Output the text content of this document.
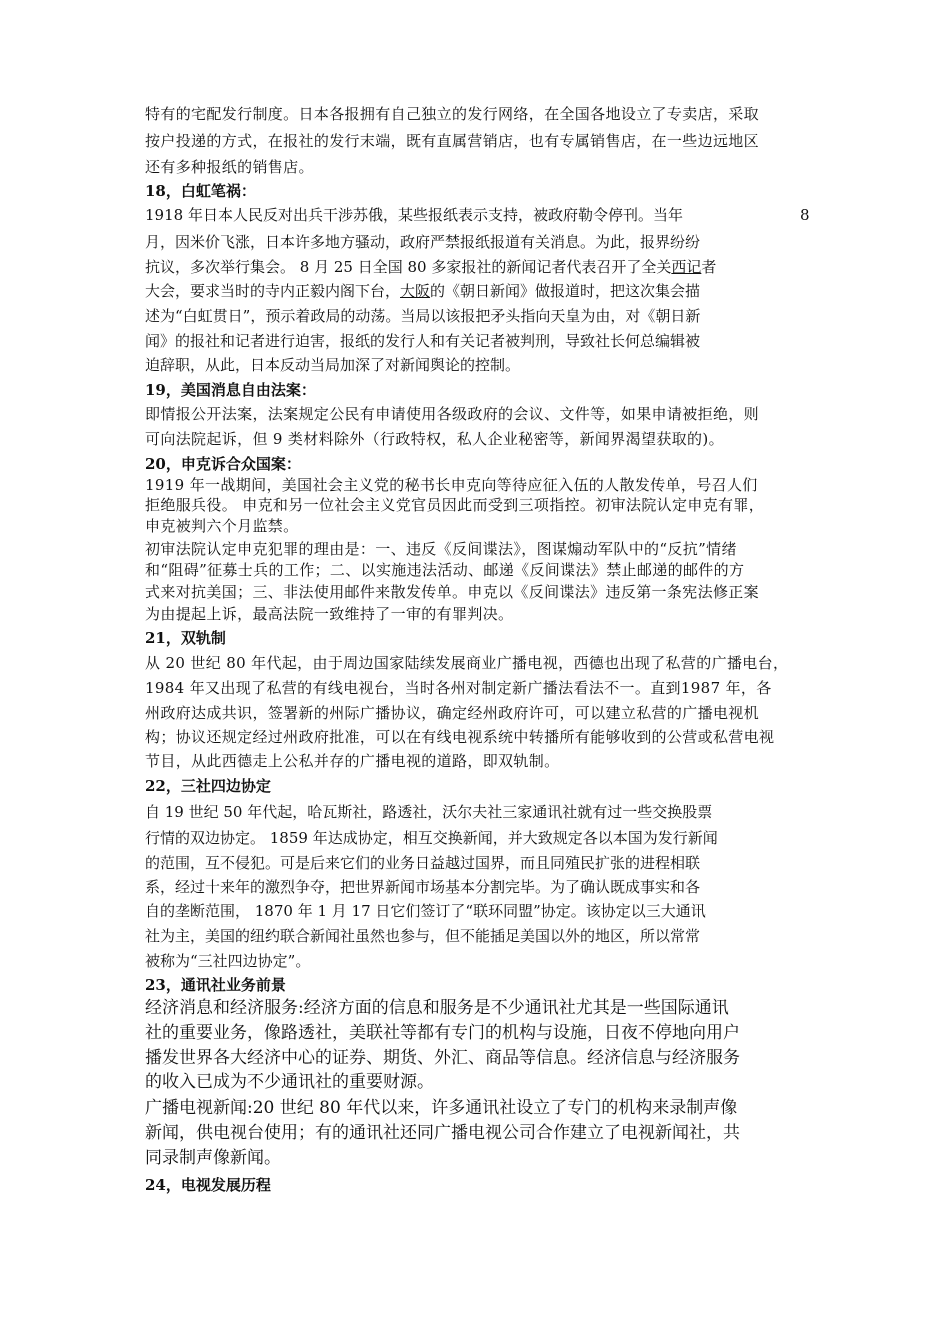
特有的宅配发行制度。日本各报拥有自己独立的发行网络，在全国各地设立了专卖店，采取
按户投递的方式，在报社的发行末端，既有直属营销店，也有专属销售店，在一些边远地区
还有多种报纸的销售店。
18，白虹笔祸：
1918 年日本人民反对出兵干涉苏俄，某些报纸表示支持，被政府勒令停刊。当年	8
月，因米价飞涨，日本许多地方骚动，政府严禁报纸报道有关消息。为此，报界纷纷
抗议，多次举行集会。 8 月 25 日全国 80 多家报社的新闻记者代表召开了全关西记者
大会，要求当时的寺内正毅内阁下台，大阪的《朝日新闻》做报道时，把这次集会描
述为“白虹贯日”，预示着政局的动荡。当局以该报把矛头指向天皇为由，对《朝日新
闻》的报社和记者进行迫害，报纸的发行人和有关记者被判刑，导致社长何总编辑被
迫辞职，从此，日本反动当局加深了对新闻舆论的控制。
19，美国消息自由法案：
即情报公开法案，法案规定公民有申请使用各级政府的会议、文件等，如果申请被拒绝，则
可向法院起诉，但 9 类材料除外（行政特权，私人企业秘密等，新闻界渴望获取的)。
20，申克诉合众国案：
1919 年一战期间，美国社会主义党的秘书长申克向等待应征入伍的人散发传单，号召人们
拒绝服兵役。 申克和另一位社会主义党官员因此而受到三项指控。初审法院认定申克有罪，
申克被判六个月监禁。
初审法院认定申克犯罪的理由是：一、违反《反间谍法》，图谋煽动军队中的“反抗”情绪
和“阻碍”征募士兵的工作；二、以实施违法活动、邮递《反间谍法》禁止邮递的邮件的方
式来对抗美国；三、非法使用邮件来散发传单。申克以《反间谍法》违反第一条宪法修正案
为由提起上诉，最高法院一致维持了一审的有罪判决。
21，双轨制
从 20 世纪 80 年代起，由于周边国家陆续发展商业广播电视，西德也出现了私营的广播电台，
1984 年又出现了私营的有线电视台，当时各州对制定新广播法看法不一。直到1987 年，各
州政府达成共识，签署新的州际广播协议，确定经州政府许可，可以建立私营的广播电视机
构；协议还规定经过州政府批准，可以在有线电视系统中转播所有能够收到的公营或私营电视
节目，从此西德走上公私并存的广播电视的道路，即双轨制。
22，三社四边协定
自 19 世纪 50 年代起，哈瓦斯社，路透社，沃尔夫社三家通讯社就有过一些交换股票
行情的双边协定。 1859 年达成协定，相互交换新闻，并大致规定各以本国为发行新闻
的范围，互不侵犯。可是后来它们的业务日益越过国界，而且同殖民扩张的进程相联
系，经过十来年的激烈争夺，把世界新闻市场基本分割完毕。为了确认既成事实和各
自的垄断范围， 1870 年 1 月 17 日它们签订了“联环同盟”协定。该协定以三大通讯
社为主，美国的纽约联合新闻社虽然也参与，但不能插足美国以外的地区，所以常常
被称为“三社四边协定”。
23，通讯社业务前景
经济消息和经济服务:经济方面的信息和服务是不少通讯社尤其是一些国际通讯
社的重要业务，像路透社，美联社等都有专门的机构与设施，日夜不停地向用户
播发世界各大经济中心的证券、期货、外汇、商品等信息。经济信息与经济服务
的收入已成为不少通讯社的重要财源。
广播电视新闻:20 世纪 80 年代以来，许多通讯社设立了专门的机构来录制声像
新闻，供电视台使用；有的通讯社还同广播电视公司合作建立了电视新闻社，共
同录制声像新闻。
24，电视发展历程
